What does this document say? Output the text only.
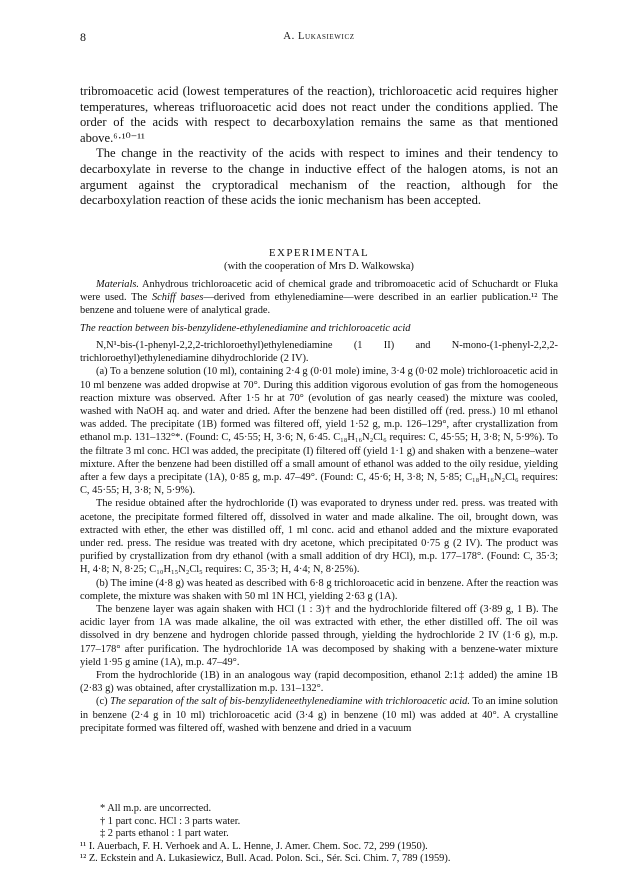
8	A. Lukasiewicz

tribromoacetic acid (lowest temperatures of the reaction), trichloroacetic acid requires higher temperatures, whereas trifluoroacetic acid does not react under the conditions applied. The order of the acids with respect to decarboxylation remains the same as that mentioned above.⁶·¹⁰⁻¹¹

The change in the reactivity of the acids with respect to imines and their tendency to decarboxylate in reverse to the change in inductive effect of the halogen atoms, is not an argument against the cryptoradical mechanism of the reaction, although for the decarboxylation reaction of these acids the ionic mechanism has been accepted.

EXPERIMENTAL
(with the cooperation of Mrs D. Walkowska)

Materials. Anhydrous trichloroacetic acid of chemical grade and tribromoacetic acid of Schuchardt or Fluka were used. The Schiff bases—derived from ethylenediamine—were described in an earlier publication.¹² The benzene and toluene were of analytical grade.

The reaction between bis-benzylidene-ethylenediamine and trichloroacetic acid

N,N¹-bis-(1-phenyl-2,2,2-trichloroethyl)ethylenediamine (1 II) and N-mono-(1-phenyl-2,2,2-trichloroethyl)ethylenediamine dihydrochloride (2 IV).

(a) To a benzene solution (10 ml), containing 2·4 g (0·01 mole) imine, 3·4 g (0·02 mole) trichloroacetic acid in 10 ml benzene was added dropwise at 70°. During this addition vigorous evolution of gas from the homogeneous reaction mixture was observed. After 1·5 hr at 70° (evolution of gas nearly ceased) the mixture was cooled, washed with NaOH aq. and water and dried. After the benzene had been distilled off (red. press.) 10 ml ethanol was added. The precipitate (1B) formed was filtered off, yield 1·52 g, m.p. 126–129°, after crystallization from ethanol m.p. 131–132°*. (Found: C, 45·55; H, 3·6; N, 6·45. C₁₈H₁₆N₂Cl₆ requires: C, 45·55; H, 3·8; N, 5·9%). To the filtrate 3 ml conc. HCl was added, the precipitate (I) filtered off (yield 1·1 g) and shaken with a benzene–water mixture. After the benzene had been distilled off a small amount of ethanol was added to the oily residue, yielding after a few days a precipitate (1A), 0·85 g, m.p. 47–49°. (Found: C, 45·6; H, 3·8; N, 5·85; C₁₈H₁₆N₂Cl₆ requires: C, 45·55; H, 3·8; N, 5·9%).

The residue obtained after the hydrochloride (I) was evaporated to dryness under red. press. was treated with acetone, the precipitate formed filtered off, dissolved in water and made alkaline. The oil, brought down, was extracted with ether, the ether was distilled off, 1 ml conc. acid and ethanol added and the mixture evaporated under red. press. The residue was treated with dry acetone, which precipitated 0·75 g (2 IV). The product was purified by crystallization from dry ethanol (with a small addition of dry HCl), m.p. 177–178°. (Found: C, 35·3; H, 4·8; N, 8·25; C₁₀H₁₅N₂Cl₅ requires: C, 35·3; H, 4·4; N, 8·25%).

(b) The imine (4·8 g) was heated as described with 6·8 g trichloroacetic acid in benzene. After the reaction was complete, the mixture was shaken with 50 ml 1N HCl, yielding 2·63 g (1A).

The benzene layer was again shaken with HCl (1 : 3)† and the hydrochloride filtered off (3·89 g, 1 B). The acidic layer from 1A was made alkaline, the oil was extracted with ether, the ether distilled off. The oil was dissolved in dry benzene and hydrogen chloride passed through, yielding the hydrochloride 2 IV (1·6 g), m.p. 177–178° after purification. The hydrochloride 1A was decomposed by shaking with a benzene-water mixture yield 1·95 g amine (1A), m.p. 47–49°.

From the hydrochloride (1B) in an analogous way (rapid decomposition, ethanol 2:1‡ added) the amine 1B (2·83 g) was obtained, after crystallization m.p. 131–132°.

(c) The separation of the salt of bis-benzylideneethylenediamine with trichloroacetic acid. To an imine solution in benzene (2·4 g in 10 ml) trichloroacetic acid (3·4 g) in benzene (10 ml) was added at 40°. A crystalline precipitate formed was filtered off, washed with benzene and dried in a vacuum

* All m.p. are uncorrected.
† 1 part conc. HCl : 3 parts water.
‡ 2 parts ethanol : 1 part water.
¹¹ I. Auerbach, F. H. Verhoek and A. L. Henne, J. Amer. Chem. Soc. 72, 299 (1950).
¹² Z. Eckstein and A. Lukasiewicz, Bull. Acad. Polon. Sci., Sér. Sci. Chim. 7, 789 (1959).
